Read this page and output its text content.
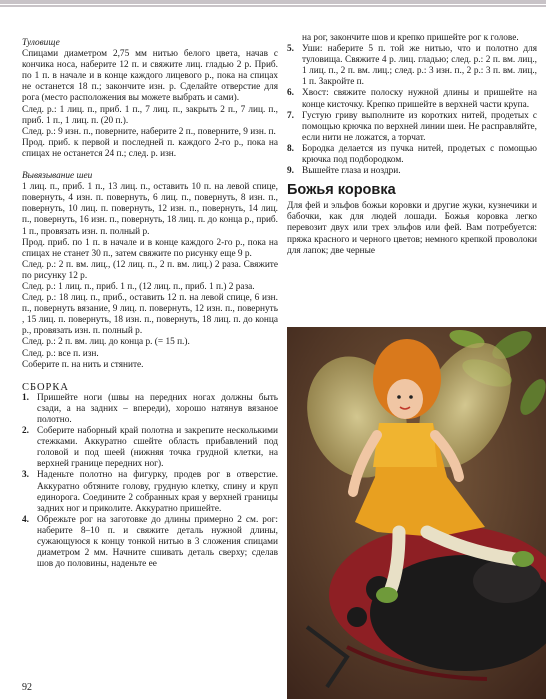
Туловище

Спицами диаметром 2,75 мм нитью белого цвета, начав с кончика носа, наберите 12 п. и свяжите лиц. гладью 2 р. Приб. по 1 п. в начале и в конце каждого лицевого р., пока на спицах не останется 18 п.; закончите изн. р. Сделайте отверстие для рога (место расположения вы можете выбрать и сами).

След. р.: 1 лиц. п., приб. 1 п., 7 лиц. п., закрыть 2 п., 7 лиц. п., приб. 1 п., 1 лиц. п. (20 п.).

След. р.: 9 изн. п., поверните, наберите 2 п., поверните, 9 изн. п.

Прод. приб. к первой и последней п. каждого 2-го р., пока на спицах не останется 24 п.; след. р. изн.

Вывязывание шеи

1 лиц. п., приб. 1 п., 13 лиц. п., оставить 10 п. на левой спице, повернуть, 4 изн. п. повернуть, 6 лиц. п., повернуть, 8 изн. п., повернуть, 10 лиц. п. повернуть, 12 изн. п., повернуть, 14 лиц. п., повернуть, 16 изн. п., повернуть, 18 лиц. п. до конца р., приб. 1 п., провязать изн. п. полный р.

Прод. приб. по 1 п. в начале и в конце каждого 2-го р., пока на спицах не станет 30 п., затем свяжите по рисунку еще 9 р.

След. р.: 2 п. вм. лиц., (12 лиц. п., 2 п. вм. лиц.) 2 раза. Свяжите по рисунку 12 р.

След. р.: 1 лиц. п., приб. 1 п., (12 лиц. п., приб. 1 п.) 2 раза.

След. р.: 18 лиц. п., приб., оставить 12 п. на левой спице, 6 изн. п., повернуть вязание, 9 лиц. п. повернуть, 12 изн. п., повернуть , 15 лиц. п. повернуть, 18 изн. п., повернуть, 18 лиц. п. до конца р., провязать изн. п. полный р.

След. р.: 2 п. вм. лиц. до конца р. (= 15 п.).

След. р.: все п. изн.

Соберите п. на нить и стяните.

СБОРКА

1. Пришейте ноги (швы на передних ногах должны быть сзади, а на задних – впереди), хорошо натянув вязаное полотно.
2. Соберите наборный край полотна и закрепите несколькими стежками. Аккуратно сшейте область прибавлений под головой и под шеей (нижняя точка грудной клетки, на верхней границе передних ног).
3. Наденьте полотно на фигурку, продев рог в отверстие. Аккуратно обтяните голову, грудную клетку, спину и круп единорога. Соедините 2 собранных края у верхней границы задних ног и приколите. Аккуратно пришейте.
4. Обрежьте рог на заготовке до длины примерно 2 см. рог: наберите 8–10 п. и свяжите деталь нужной длины, сужающуюся к концу тонкой нитью в 3 сложения спицами диаметром 2 мм. Начните сшивать деталь сверху; сделав шов до половины, наденьте ее

на рог, закончите шов и крепко пришейте рог к голове.

5. Уши: наберите 5 п. той же нитью, что и полотно для туловища. Свяжите 4 р. лиц. гладью; след. р.: 2 п. вм. лиц., 1 лиц. п., 2 п. вм. лиц.; след. р.: 3 изн. п., 2 р.: 3 п. вм. лиц., 1 п. Закройте п.
6. Хвост: свяжите полоску нужной длины и пришейте на конце кисточку. Крепко пришейте в верхней части крупа.
7. Густую гриву выполните из коротких нитей, продетых с помощью крючка по верхней линии шеи. Не расправляйте, если нити не ложатся, а торчат.
8. Бородка делается из пучка нитей, продетых с помощью крючка под подбородком.
9. Вышейте глаза и ноздри.

Божья коровка

Для фей и эльфов божьи коровки и другие жуки, кузнечики и бабочки, как для людей лошади. Божья коровка легко перевозит двух или трех эльфов или фей. Вам потребуется: пряжа красного и черного цветов; немного крепкой проволоки для лапок; две черные

92
